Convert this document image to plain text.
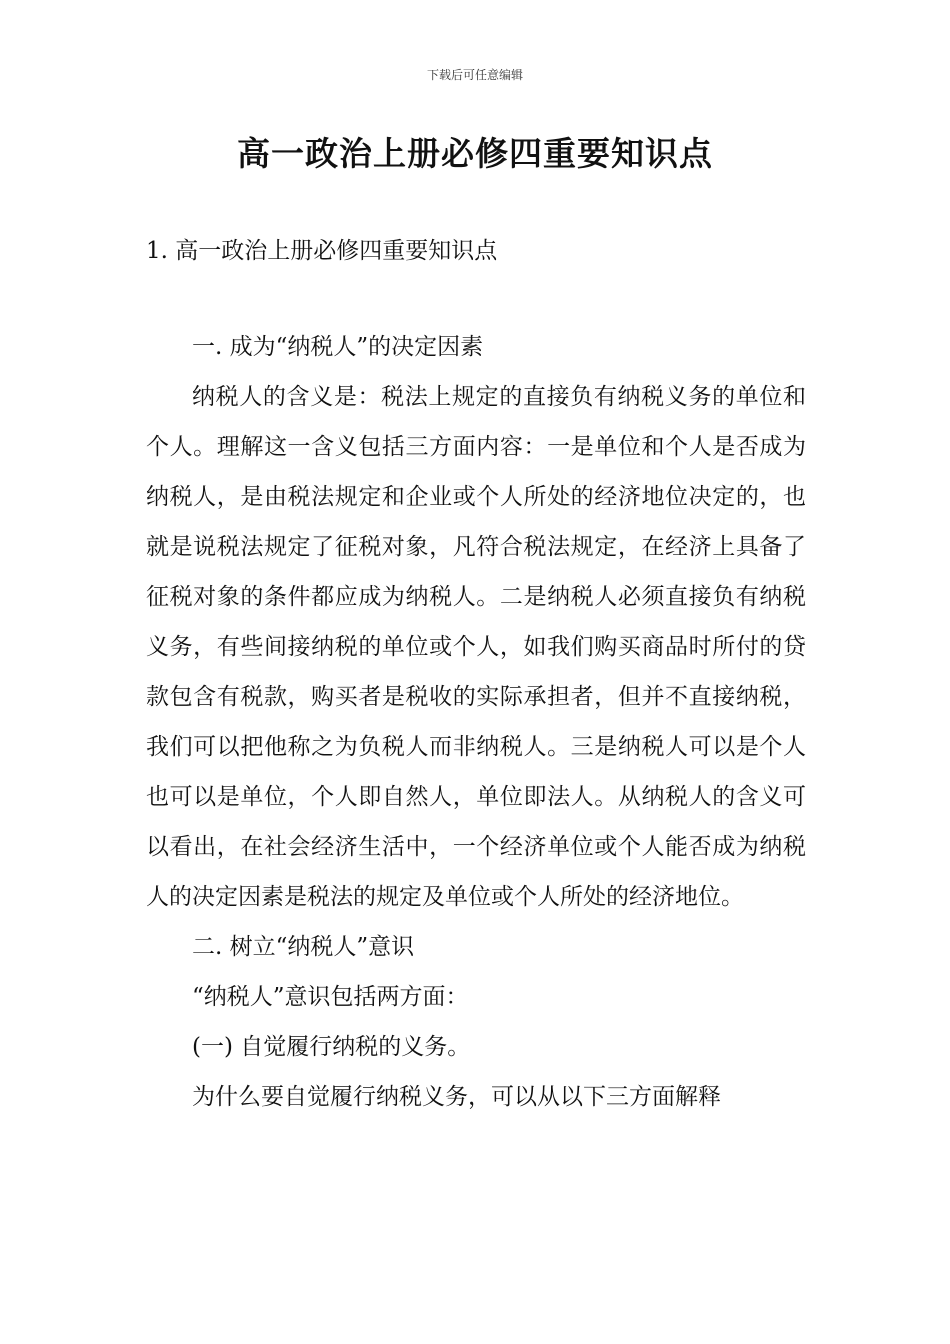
下载后可任意编辑
高一政治上册必修四重要知识点
1. 高一政治上册必修四重要知识点

一. 成为“纳税人”的决定因素

纳税人的含义是：税法上规定的直接负有纳税义务的单位和个人。理解这一含义包括三方面内容：一是单位和个人是否成为纳税人，是由税法规定和企业或个人所处的经济地位决定的，也就是说税法规定了征税对象，凡符合税法规定，在经济上具备了征税对象的条件都应成为纳税人。二是纳税人必须直接负有纳税义务，有些间接纳税的单位或个人，如我们购买商品时所付的贷款包含有税款，购买者是税收的实际承担者，但并不直接纳税，我们可以把他称之为负税人而非纳税人。三是纳税人可以是个人也可以是单位，个人即自然人，单位即法人。从纳税人的含义可以看出，在社会经济生活中，一个经济单位或个人能否成为纳税人的决定因素是税法的规定及单位或个人所处的经济地位。

二. 树立“纳税人”意识

“纳税人”意识包括两方面：

(一) 自觉履行纳税的义务。

为什么要自觉履行纳税义务，可以从以下三方面解释
